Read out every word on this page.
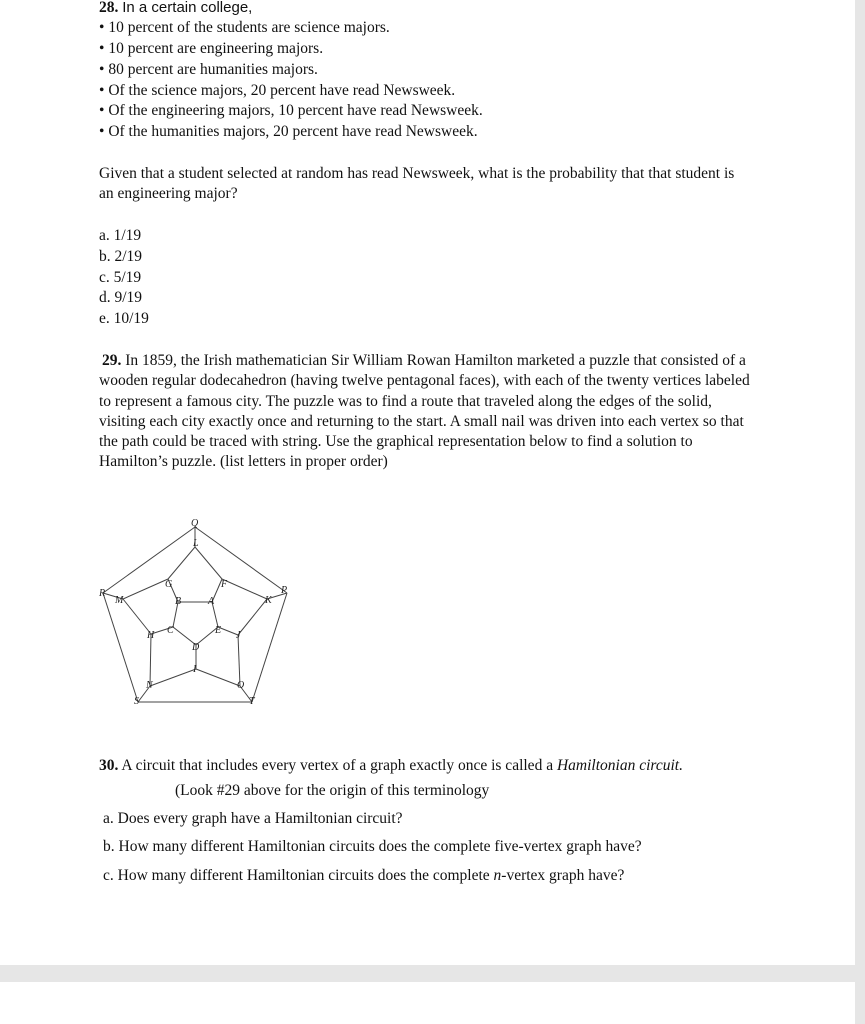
28. In a certain college,
• 10 percent of the students are science majors.
• 10 percent are engineering majors.
• 80 percent are humanities majors.
• Of the science majors, 20 percent have read Newsweek.
• Of the engineering majors, 10 percent have read Newsweek.
• Of the humanities majors, 20 percent have read Newsweek.
Given that a student selected at random has read Newsweek, what is the probability that that student is an engineering major?
a. 1/19
b. 2/19
c. 5/19
d. 9/19
e. 10/19
29. In 1859, the Irish mathematician Sir William Rowan Hamilton marketed a puzzle that consisted of a wooden regular dodecahedron (having twelve pentagonal faces), with each of the twenty vertices labeled to represent a famous city. The puzzle was to find a route that traveled along the edges of the solid, visiting each city exactly once and returning to the start. A small nail was driven into each vertex so that the path could be traced with string. Use the graphical representation below to find a solution to Hamilton’s puzzle. (list letters in proper order)
Q
L
G	F
R
M	K
P
B	A
H C	E J
D
I
N	O
S	T
30. A circuit that includes every vertex of a graph exactly once is called a Hamiltonian circuit.
(Look #29 above for the origin of this terminology
a. Does every graph have a Hamiltonian circuit?
b. How many different Hamiltonian circuits does the complete five-vertex graph have?
c. How many different Hamiltonian circuits does the complete n-vertex graph have?
